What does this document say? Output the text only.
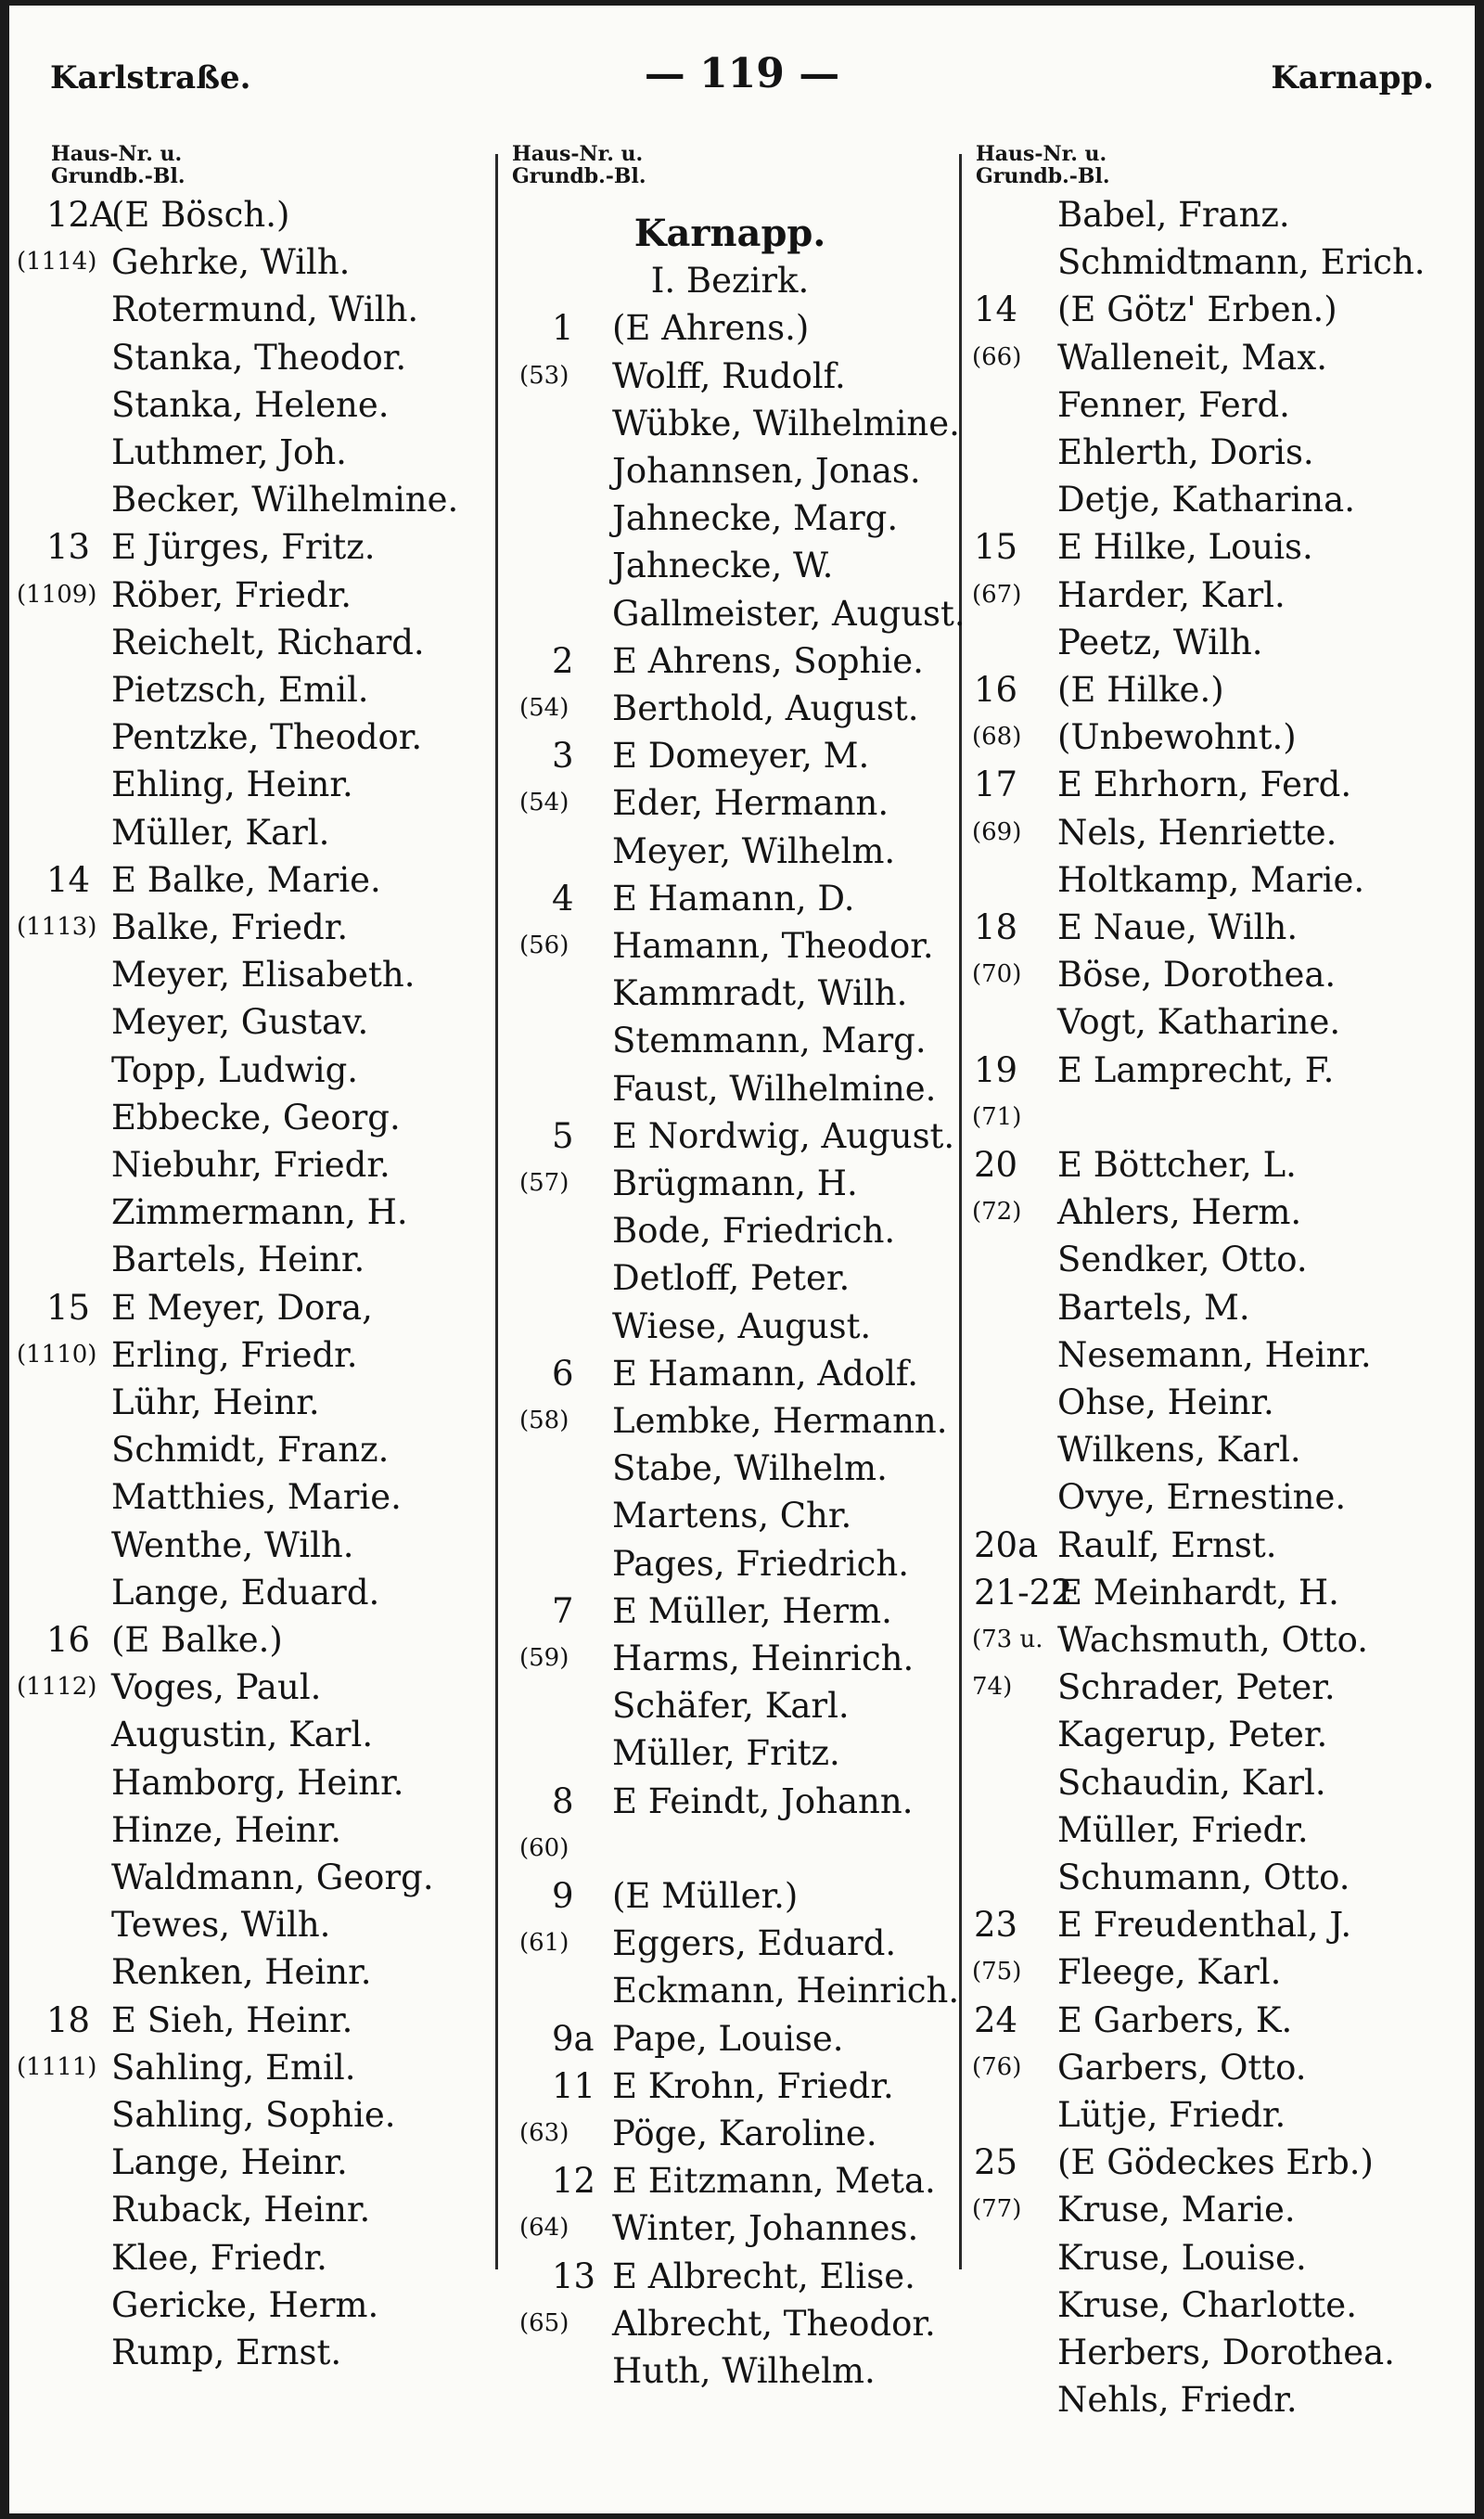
Karlstraße.	— 119 —	Karnapp.
Haus-Nr. u.
Grundb.-Bl.
12A
(E Bösch.)
(1114) Gehrke, Wilh.
Rotermund, Wilh.
Stanka, Theodor.
Stanka, Helene.
Luthmer, Joh.
Becker, Wilhelmine.
13 E Jürges, Fritz.
(1109) Röber, Friedr.
Reichelt, Richard.
Pietzsch, Emil.
Pentzke, Theodor.
Ehling, Heinr.
Müller, Karl.
14 E Balke, Marie.
(1113) Balke, Friedr.
Meyer, Elisabeth.
Meyer, Gustav.
Topp, Ludwig.
Ebbecke, Georg.
Niebuhr, Friedr.
Zimmermann, H.
Bartels, Heinr.
15 E Meyer, Dora,
(1110) Erling, Friedr.
Lühr, Heinr.
Schmidt, Franz.
Matthies, Marie.
Wenthe, Wilh.
Lange, Eduard.
16 (E Balke.)
(1112) Voges, Paul.
Augustin, Karl.
Hamborg, Heinr.
Hinze, Heinr.
Waldmann, Georg.
Tewes, Wilh.
Renken, Heinr.
18 E Sieh, Heinr.
(1111) Sahling, Emil.
Sahling, Sophie.
Lange, Heinr.
Ruback, Heinr.
Klee, Friedr.
Gericke, Herm.
Rump, Ernst.
Haus-Nr. u.
Grundb.-Bl.
Karnapp.
I. Bezirk.
1 (E Ahrens.)
(53) Wolff, Rudolf.
Wübke, Wilhelmine.
Johannsen, Jonas.
Jahnecke, Marg.
Jahnecke, W.
Gallmeister, August.
2 E Ahrens, Sophie.
(54) Berthold, August.
3 E Domeyer, M.
(54) Eder, Hermann.
Meyer, Wilhelm.
4 E Hamann, D.
(56) Hamann, Theodor.
Kammradt, Wilh.
Stemmann, Marg.
Faust, Wilhelmine.
5 E Nordwig, August.
(57) Brügmann, H.
Bode, Friedrich.
Detloff, Peter.
Wiese, August.
6 E Hamann, Adolf.
(58) Lembke, Hermann.
Stabe, Wilhelm.
Martens, Chr.
Pages, Friedrich.
7 E Müller, Herm.
(59) Harms, Heinrich.
Schäfer, Karl.
Müller, Fritz.
8 E Feindt, Johann.
(60)
9 (E Müller.)
(61) Eggers, Eduard.
Eckmann, Heinrich.
9a Pape, Louise.
11 E Krohn, Friedr.
(63) Pöge, Karoline.
12 E Eitzmann, Meta.
(64) Winter, Johannes.
13 E Albrecht, Elise.
(65) Albrecht, Theodor.
Huth, Wilhelm.
Haus-Nr. u.
Grundb.-Bl.
Babel, Franz.
Schmidtmann, Erich.
14 (E Götz' Erben.)
(66) Walleneit, Max.
Fenner, Ferd.
Ehlerth, Doris.
Detje, Katharina.
15 E Hilke, Louis.
(67) Harder, Karl.
Peetz, Wilh.
16 (E Hilke.)
(68) (Unbewohnt.)
17 E Ehrhorn, Ferd.
(69) Nels, Henriette.
Holtkamp, Marie.
18 E Naue, Wilh.
(70) Böse, Dorothea.
Vogt, Katharine.
19 E Lamprecht, F.
(71)
20 E Böttcher, L.
(72) Ahlers, Herm.
Sendker, Otto.
Bartels, M.
Nesemann, Heinr.
Ohse, Heinr.
Wilkens, Karl.
Ovye, Ernestine.
20a Raulf, Ernst.
21-22
E Meinhardt, H.
(73 u. Wachsmuth, Otto.
74) Schrader, Peter.
Kagerup, Peter.
Schaudin, Karl.
Müller, Friedr.
Schumann, Otto.
23 E Freudenthal, J.
(75) Fleege, Karl.
24 E Garbers, K.
(76) Garbers, Otto.
Lütje, Friedr.
25 (E Gödeckes Erb.)
(77) Kruse, Marie.
Kruse, Louise.
Kruse, Charlotte.
Herbers, Dorothea.
Nehls, Friedr.
